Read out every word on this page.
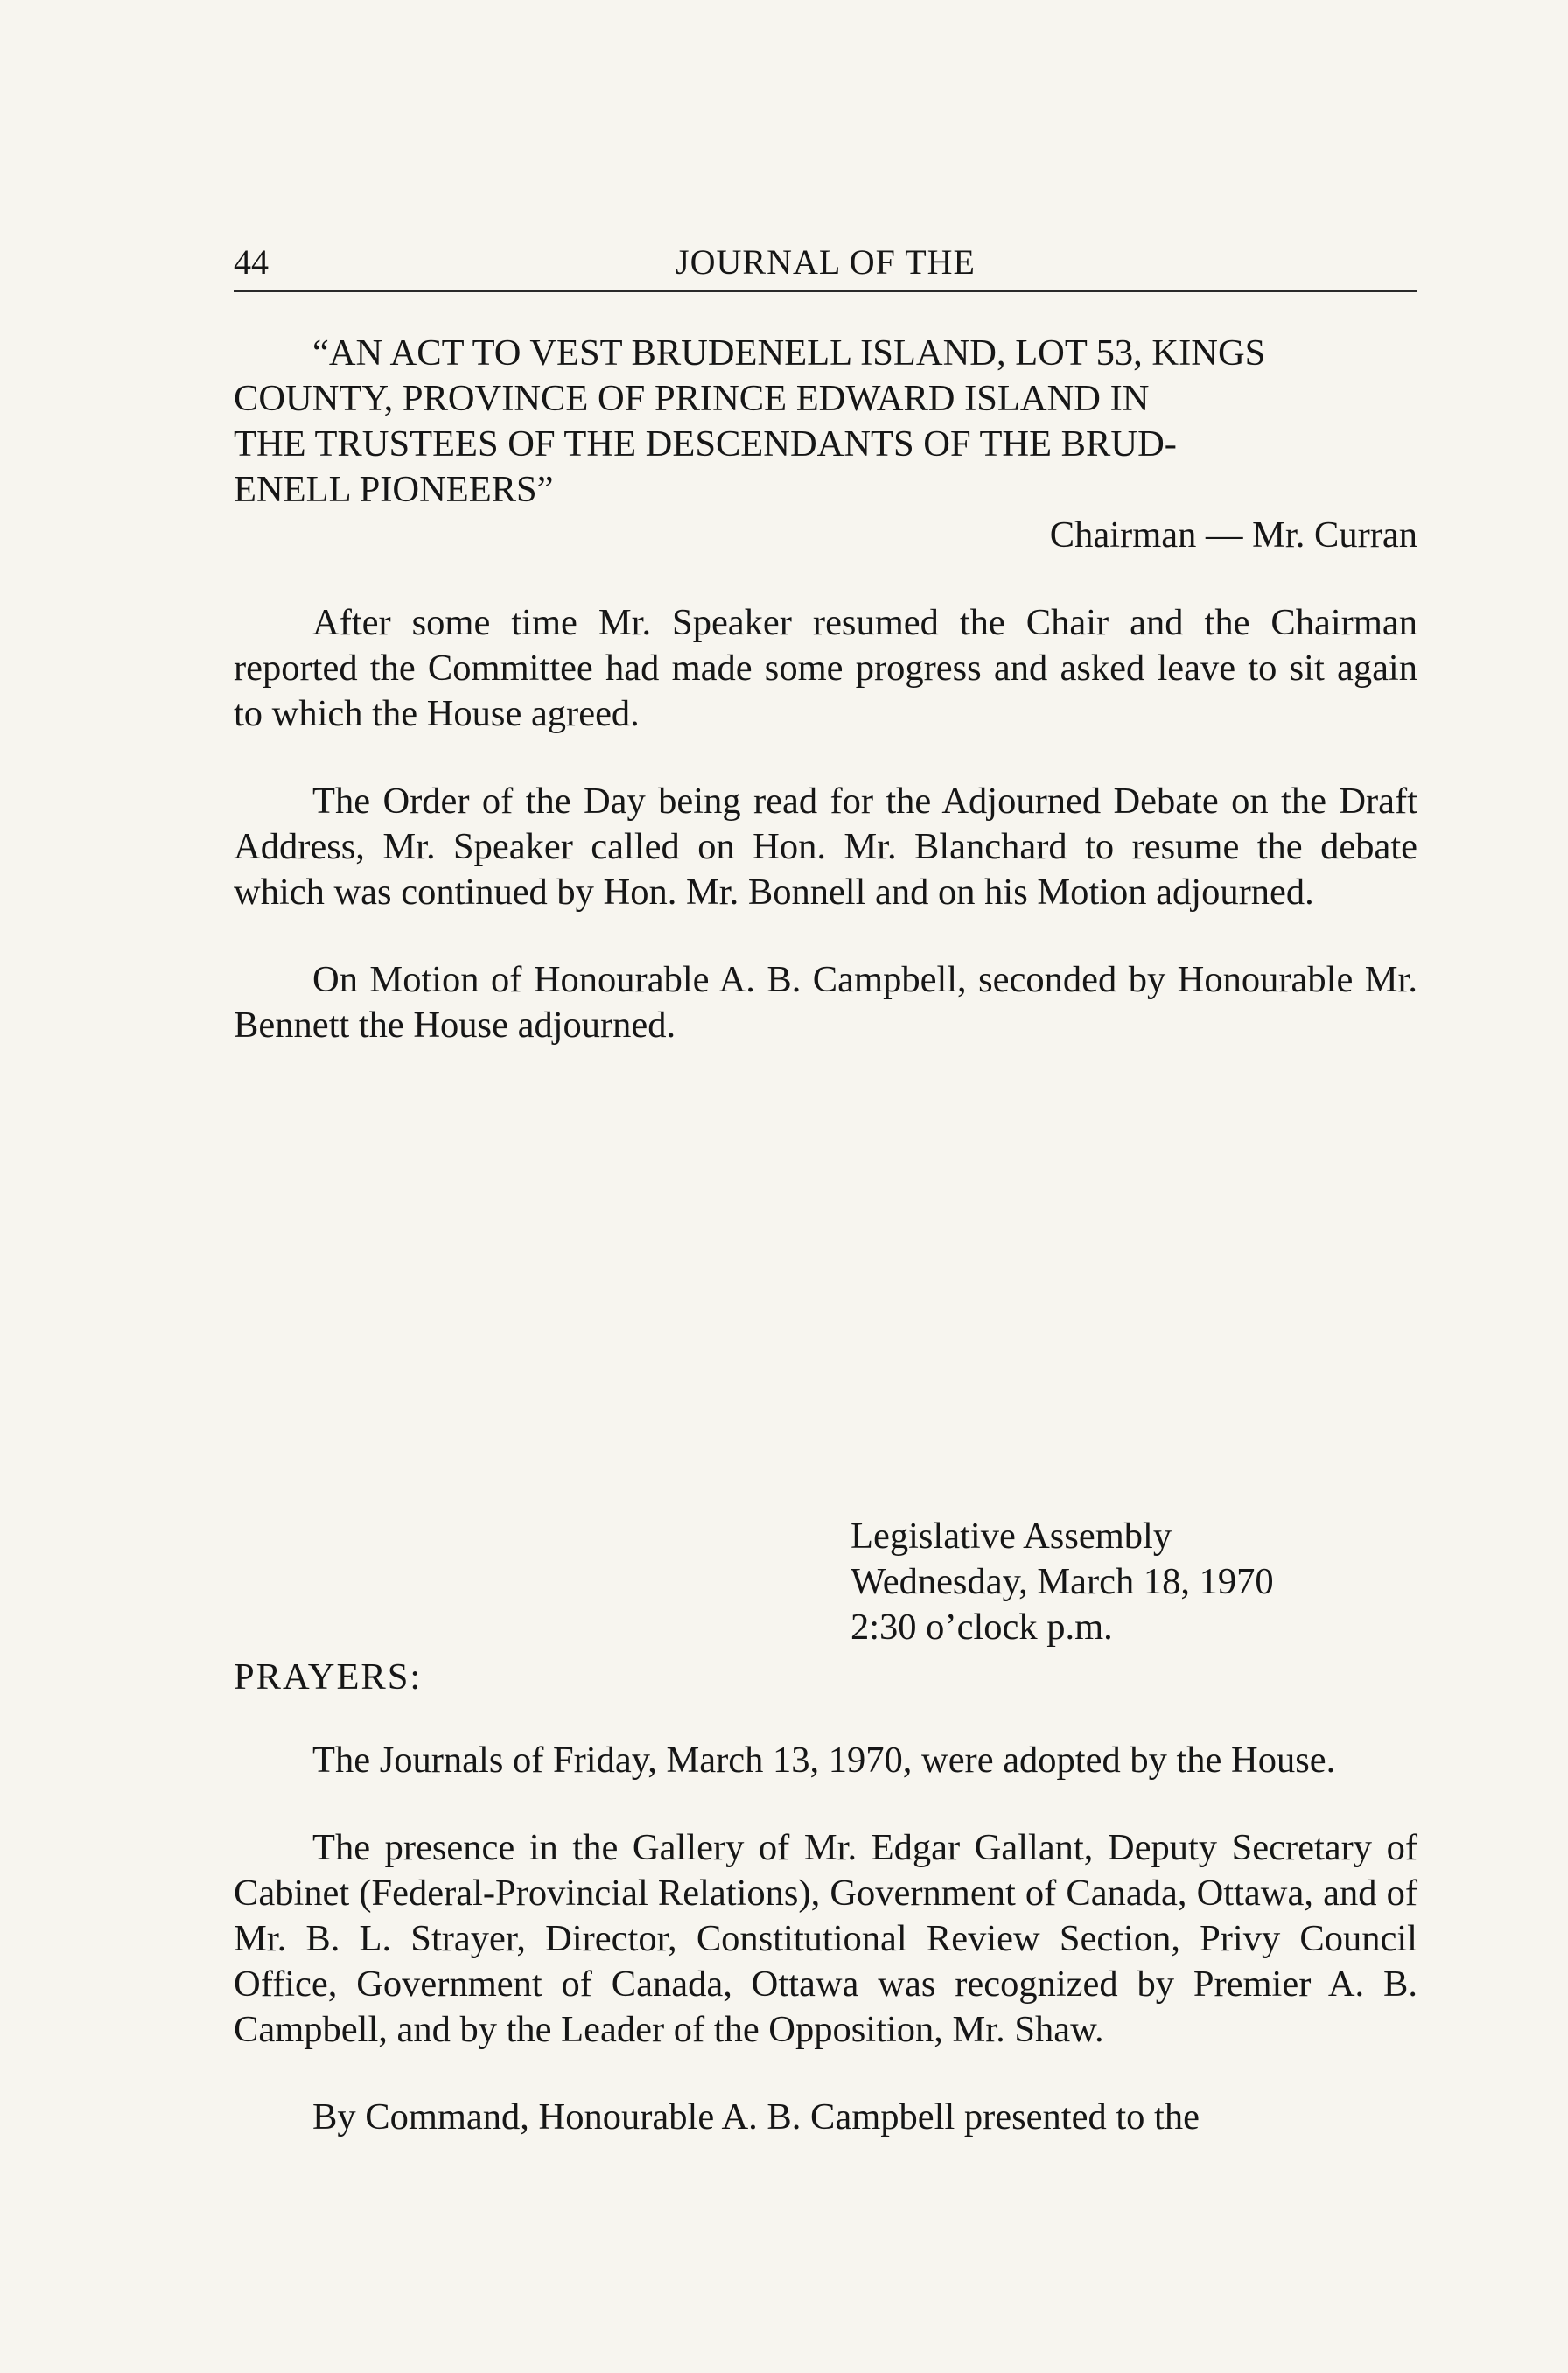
44	JOURNAL OF THE
“AN ACT TO VEST BRUDENELL ISLAND, LOT 53, KINGS
COUNTY, PROVINCE OF PRINCE EDWARD ISLAND IN
THE TRUSTEES OF THE DESCENDANTS OF THE BRUD-
ENELL PIONEERS”
Chairman — Mr. Curran

After some time Mr. Speaker resumed the Chair and the Chairman reported the Committee had made some progress and asked leave to sit again to which the House agreed.

The Order of the Day being read for the Adjourned Debate on the Draft Address, Mr. Speaker called on Hon. Mr. Blanchard to resume the debate which was continued by Hon. Mr. Bonnell and on his Motion adjourned.

On Motion of Honourable A. B. Campbell, seconded by Honourable Mr. Bennett the House adjourned.

Legislative Assembly
Wednesday, March 18, 1970
2:30 o’clock p.m.
PRAYERS:

The Journals of Friday, March 13, 1970, were adopted by the House.

The presence in the Gallery of Mr. Edgar Gallant, Deputy Secretary of Cabinet (Federal-Provincial Relations), Government of Canada, Ottawa, and of Mr. B. L. Strayer, Director, Constitutional Review Section, Privy Council Office, Government of Canada, Ottawa was recognized by Premier A. B. Campbell, and by the Leader of the Opposition, Mr. Shaw.

By Command, Honourable A. B. Campbell presented to the
